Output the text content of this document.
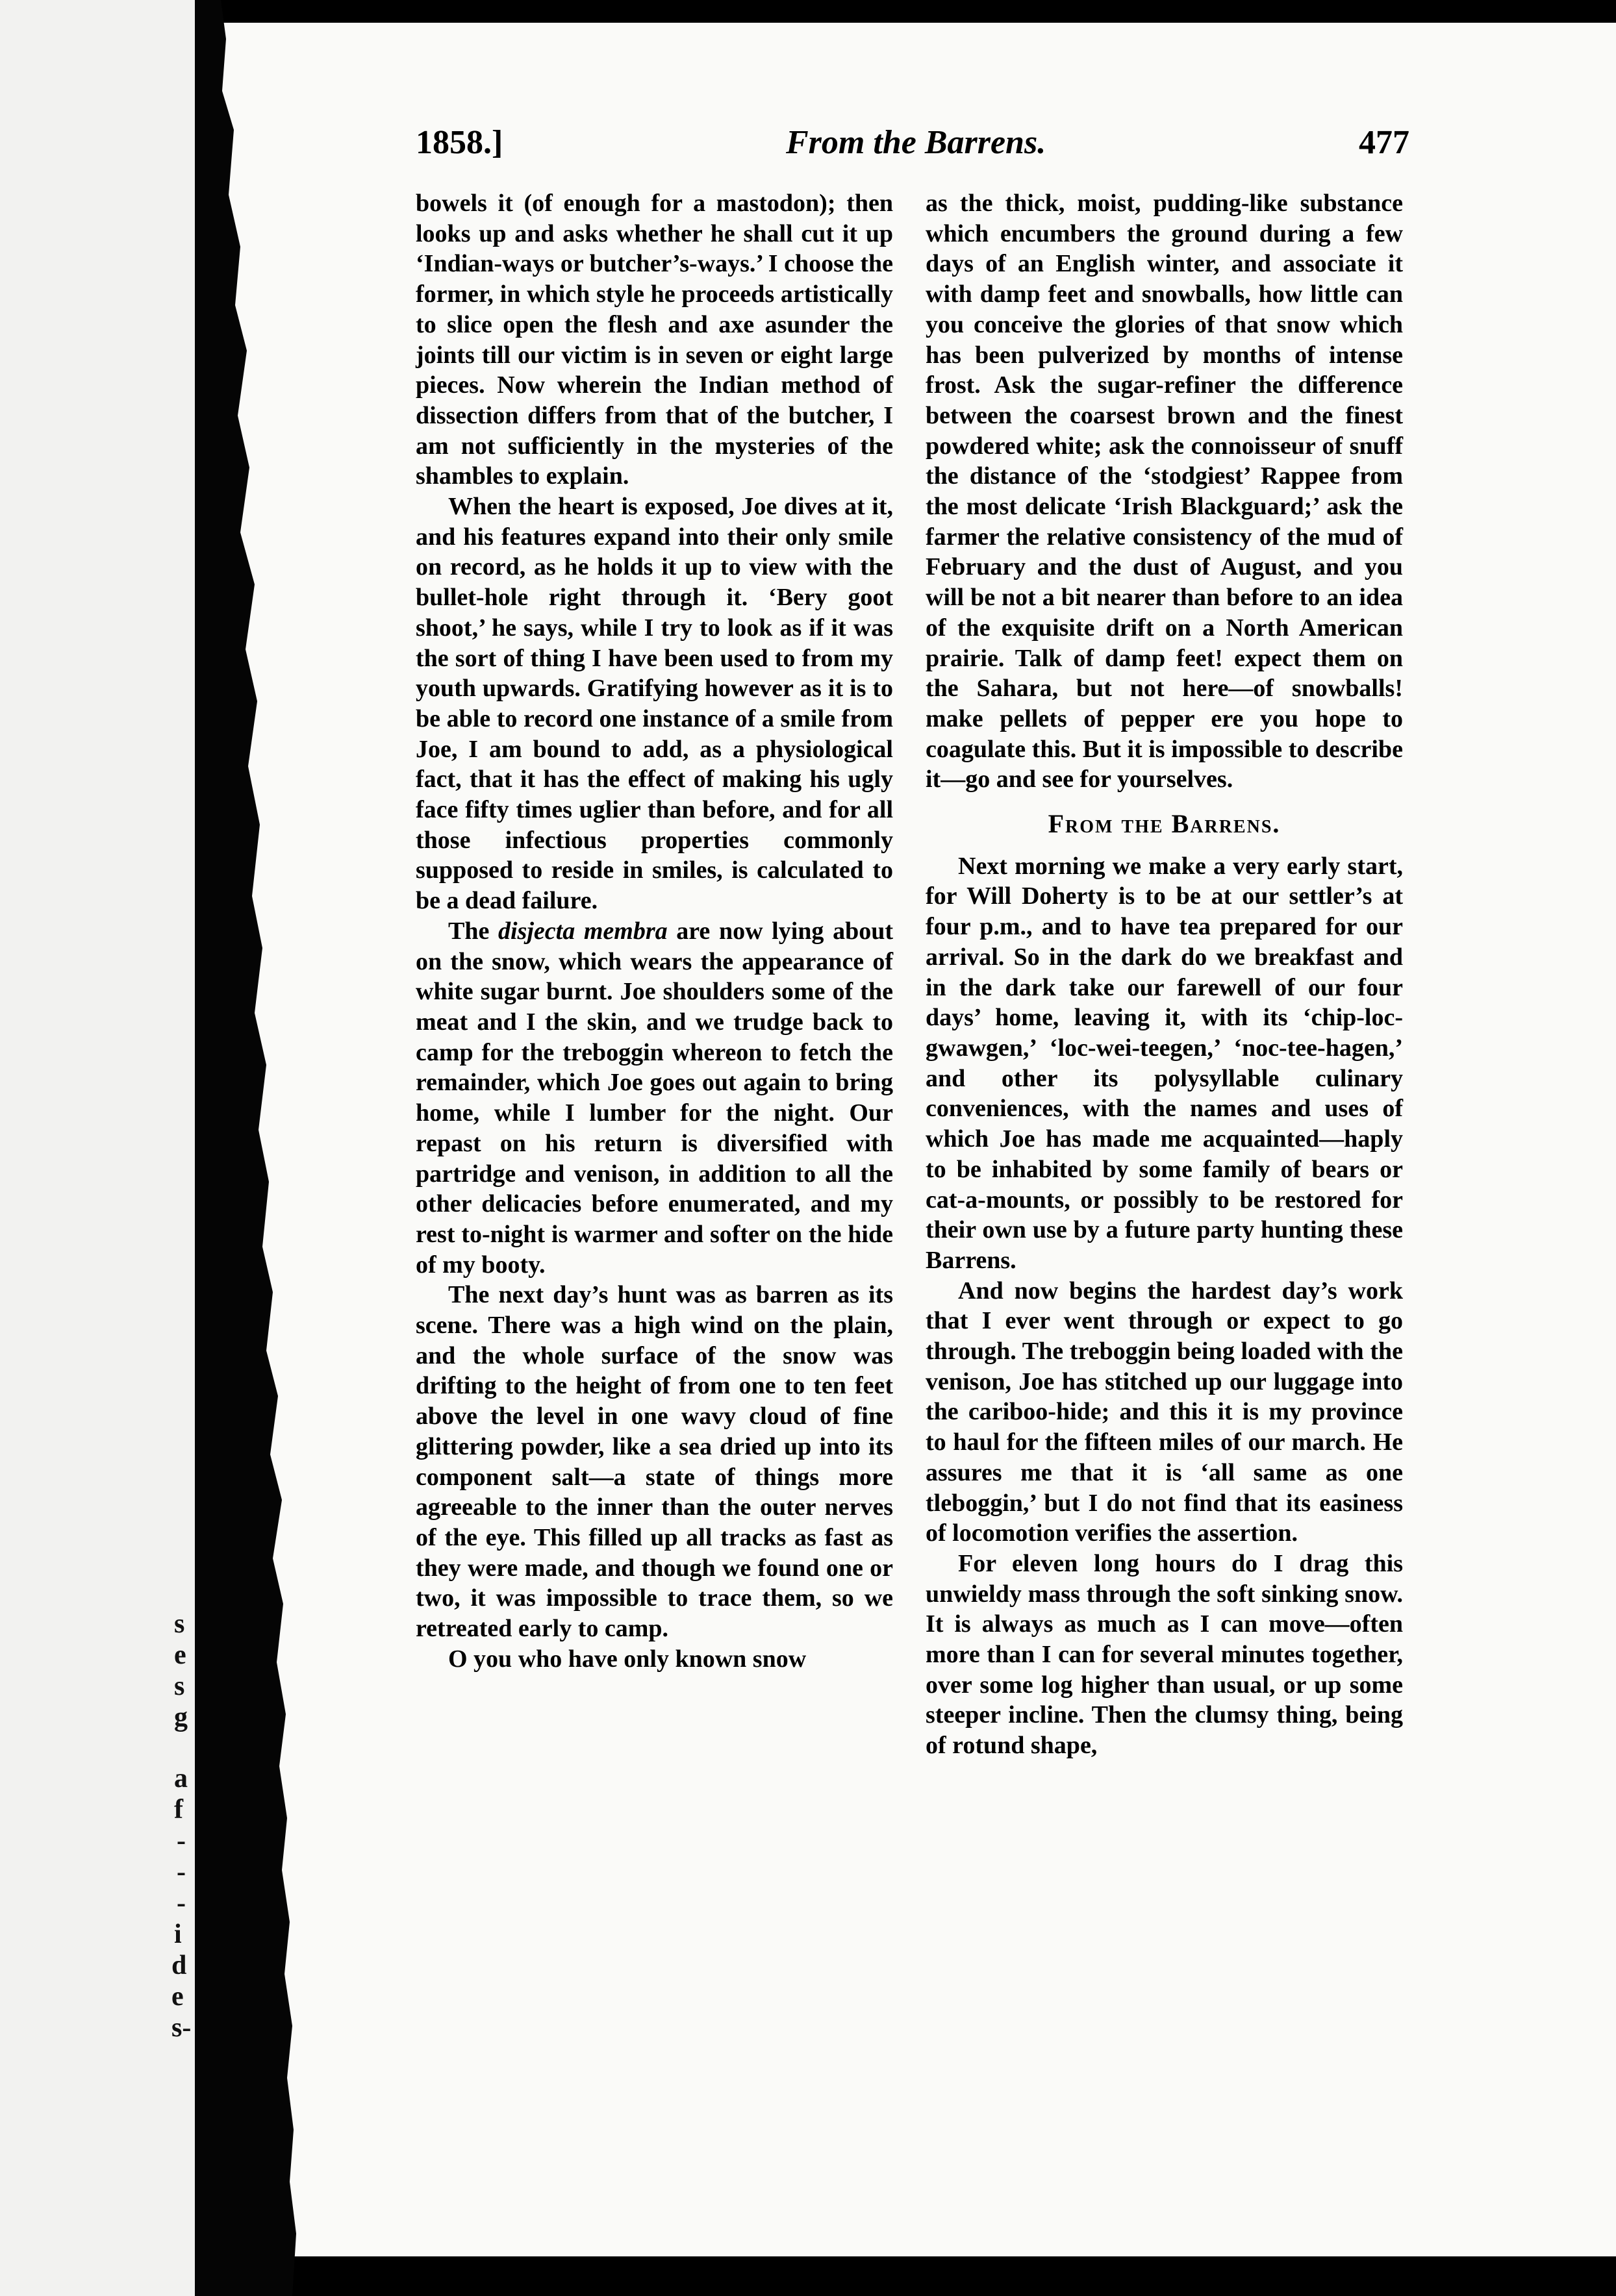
s
e
s
g
a
f
-
-
-
i
d
e
s-
1858.]	From the Barrens.	477

bowels it (of enough for a mastodon); then looks up and asks whether he shall cut it up ‘Indian-ways or butcher’s-ways.’ I choose the former, in which style he proceeds artistically to slice open the flesh and axe asunder the joints till our victim is in seven or eight large pieces. Now wherein the Indian method of dissection differs from that of the butcher, I am not sufficiently in the mysteries of the shambles to explain.

When the heart is exposed, Joe dives at it, and his features expand into their only smile on record, as he holds it up to view with the bullet-hole right through it. ‘Bery goot shoot,’ he says, while I try to look as if it was the sort of thing I have been used to from my youth upwards. Gratifying however as it is to be able to record one instance of a smile from Joe, I am bound to add, as a physiological fact, that it has the effect of making his ugly face fifty times uglier than before, and for all those infectious properties commonly supposed to reside in smiles, is calculated to be a dead failure.

The disjecta membra are now lying about on the snow, which wears the appearance of white sugar burnt. Joe shoulders some of the meat and I the skin, and we trudge back to camp for the treboggin whereon to fetch the remainder, which Joe goes out again to bring home, while I lumber for the night. Our repast on his return is diversified with partridge and venison, in addition to all the other delicacies before enumerated, and my rest to-night is warmer and softer on the hide of my booty.

The next day’s hunt was as barren as its scene. There was a high wind on the plain, and the whole surface of the snow was drifting to the height of from one to ten feet above the level in one wavy cloud of fine glittering powder, like a sea dried up into its component salt—a state of things more agreeable to the inner than the outer nerves of the eye. This filled up all tracks as fast as they were made, and though we found one or two, it was impossible to trace them, so we retreated early to camp.

O you who have only known snow

as the thick, moist, pudding-like substance which encumbers the ground during a few days of an English winter, and associate it with damp feet and snowballs, how little can you conceive the glories of that snow which has been pulverized by months of intense frost. Ask the sugar-refiner the difference between the coarsest brown and the finest powdered white; ask the connoisseur of snuff the distance of the ‘stodgiest’ Rappee from the most delicate ‘Irish Blackguard;’ ask the farmer the relative consistency of the mud of February and the dust of August, and you will be not a bit nearer than before to an idea of the exquisite drift on a North American prairie. Talk of damp feet! expect them on the Sahara, but not here—of snowballs! make pellets of pepper ere you hope to coagulate this. But it is impossible to describe it—go and see for yourselves.

From the Barrens.

Next morning we make a very early start, for Will Doherty is to be at our settler’s at four p.m., and to have tea prepared for our arrival. So in the dark do we breakfast and in the dark take our farewell of our four days’ home, leaving it, with its ‘chip-loc-gwawgen,’ ‘loc-wei-teegen,’ ‘noc-tee-hagen,’ and other its polysyllable culinary conveniences, with the names and uses of which Joe has made me acquainted—haply to be inhabited by some family of bears or cat-a-mounts, or possibly to be restored for their own use by a future party hunting these Barrens.

And now begins the hardest day’s work that I ever went through or expect to go through. The treboggin being loaded with the venison, Joe has stitched up our luggage into the cariboo-hide; and this it is my province to haul for the fifteen miles of our march. He assures me that it is ‘all same as one tleboggin,’ but I do not find that its easiness of locomotion verifies the assertion.

For eleven long hours do I drag this unwieldy mass through the soft sinking snow. It is always as much as I can move—often more than I can for several minutes together, over some log higher than usual, or up some steeper incline. Then the clumsy thing, being of rotund shape,
